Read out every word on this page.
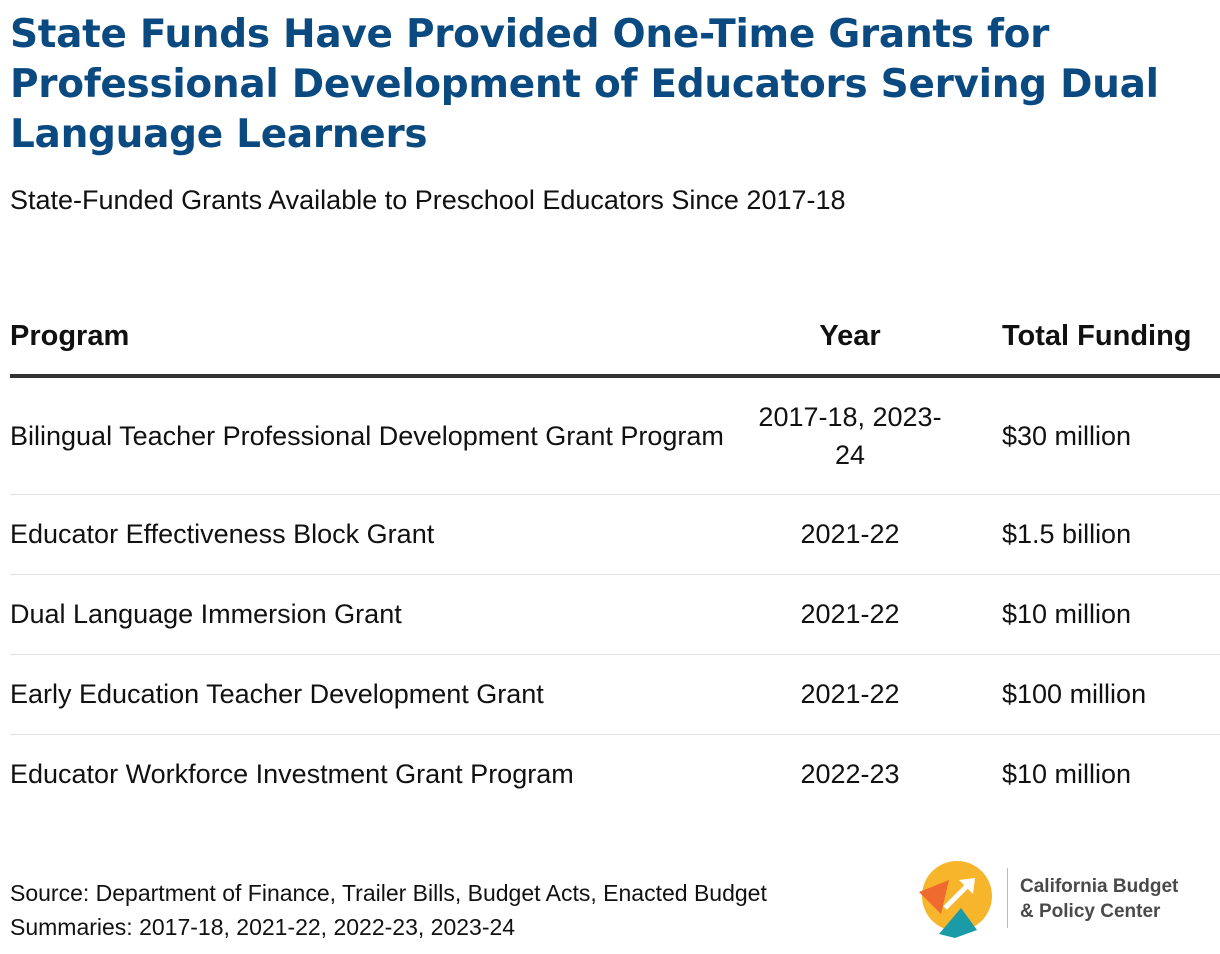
State Funds Have Provided One-Time Grants for Professional Development of Educators Serving Dual Language Learners

State-Funded Grants Available to Preschool Educators Since 2017-18

Program	Year	Total Funding
Bilingual Teacher Professional Development Grant Program	2017-18, 2023-24	$30 million
Educator Effectiveness Block Grant	2021-22	$1.5 billion
Dual Language Immersion Grant	2021-22	$10 million
Early Education Teacher Development Grant	2021-22	$100 million
Educator Workforce Investment Grant Program	2022-23	$10 million

Source: Department of Finance, Trailer Bills, Budget Acts, Enacted Budget Summaries: 2017-18, 2021-22, 2022-23, 2023-24

California Budget
& Policy Center
